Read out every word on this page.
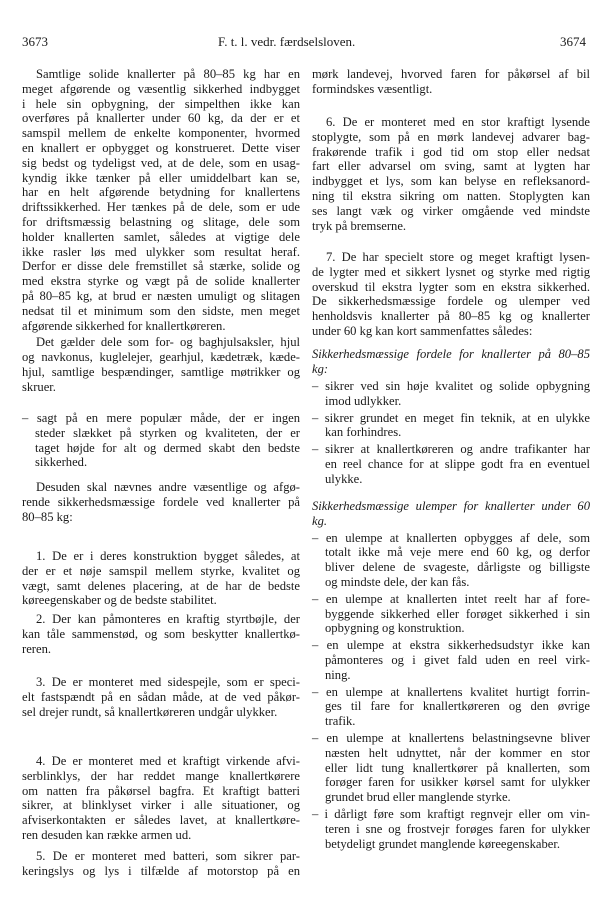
3673	F. t. l. vedr. færdselsloven.	3674
Samtlige solide knallerter på 80–85 kg har en
meget afgørende og væsentlig sikkerhed indbygget
i hele sin opbygning, der simpelthen ikke kan
overføres på knallerter under 60 kg, da der er et
samspil mellem de enkelte komponenter, hvormed
en knallert er opbygget og konstrueret. Dette viser
sig bedst og tydeligst ved, at de dele, som en usag-
kyndig ikke tænker på eller umiddelbart kan se,
har en helt afgørende betydning for knallertens
driftssikkerhed. Her tænkes på de dele, som er ude
for driftsmæssig belastning og slitage, dele som
holder knallerten samlet, således at vigtige dele
ikke rasler løs med ulykker som resultat heraf.
Derfor er disse dele fremstillet så stærke, solide og
med ekstra styrke og vægt på de solide knallerter
på 80–85 kg, at brud er næsten umuligt og slitagen
nedsat til et minimum som den sidste, men meget
afgørende sikkerhed for knallertkøreren.
Det gælder dele som for- og baghjulsaksler, hjul
og navkonus, kuglelejer, gearhjul, kædetræk, kæde-
hjul, samtlige bespændinger, samtlige møtrikker og
skruer.
– sagt på en mere populær måde, der er ingen
steder slækket på styrken og kvaliteten, der er
taget højde for alt og dermed skabt den bedste
sikkerhed.
Desuden skal nævnes andre væsentlige og afgø-
rende sikkerhedsmæssige fordele ved knallerter på
80–85 kg:
1. De er i deres konstruktion bygget således, at
der er et nøje samspil mellem styrke, kvalitet og
vægt, samt delenes placering, at de har de bedste
køreegenskaber og de bedste stabilitet.
2. Der kan påmonteres en kraftig styrtbøjle, der
kan tåle sammenstød, og som beskytter knallertkø-
reren.
3. De er monteret med sidespejle, som er speci-
elt fastspændt på en sådan måde, at de ved påkør-
sel drejer rundt, så knallertkøreren undgår ulykker.
4. De er monteret med et kraftigt virkende afvi-
serblinklys, der har reddet mange knallertkørere
om natten fra påkørsel bagfra. Et kraftigt batteri
sikrer, at blinklyset virker i alle situationer, og
afviserkontakten er således lavet, at knallertkøre-
ren desuden kan række armen ud.
5. De er monteret med batteri, som sikrer par-
keringslys og lys i tilfælde af motorstop på en
mørk landevej, hvorved faren for påkørsel af bil
formindskes væsentligt.
6. De er monteret med en stor kraftigt lysende
stoplygte, som på en mørk landevej advarer bag-
frakørende trafik i god tid om stop eller nedsat
fart eller advarsel om sving, samt at lygten har
indbygget et lys, som kan belyse en refleksanord-
ning til ekstra sikring om natten. Stoplygten kan
ses langt væk og virker omgående ved mindste
tryk på bremserne.
7. De har specielt store og meget kraftigt lysen-
de lygter med et sikkert lysnet og styrke med rigtig
overskud til ekstra lygter som en ekstra sikkerhed.
De sikkerhedsmæssige fordele og ulemper ved
henholdsvis knallerter på 80–85 kg og knallerter
under 60 kg kan kort sammenfattes således:
Sikkerhedsmæssige fordele for knallerter på 80–85
kg:
– sikrer ved sin høje kvalitet og solide opbygning
imod udlykker.
– sikrer grundet en meget fin teknik, at en ulykke
kan forhindres.
– sikrer at knallertkøreren og andre trafikanter har
en reel chance for at slippe godt fra en eventuel
ulykke.
Sikkerhedsmæssige ulemper for knallerter under 60
kg.
– en ulempe at knallerten opbygges af dele, som
totalt ikke må veje mere end 60 kg, og derfor
bliver delene de svageste, dårligste og billigste
og mindste dele, der kan fås.
– en ulempe at knallerten intet reelt har af fore-
byggende sikkerhed eller forøget sikkerhed i sin
opbygning og konstruktion.
– en ulempe at ekstra sikkerhedsudstyr ikke kan
påmonteres og i givet fald uden en reel virk-
ning.
– en ulempe at knallertens kvalitet hurtigt forrin-
ges til fare for knallertkøreren og den øvrige
trafik.
– en ulempe at knallertens belastningsevne bliver
næsten helt udnyttet, når der kommer en stor
eller lidt tung knallertkører på knallerten, som
forøger faren for usikker kørsel samt for ulykker
grundet brud eller manglende styrke.
– i dårligt føre som kraftigt regnvejr eller om vin-
teren i sne og frostvejr forøges faren for ulykker
betydeligt grundet manglende køreegenskaber.
